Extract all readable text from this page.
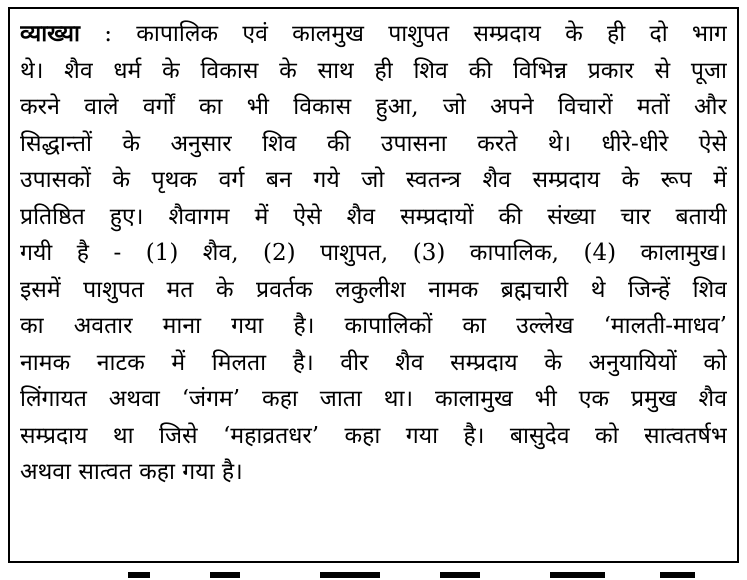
व्याख्या : कापालिक एवं कालमुख पाशुपत सम्प्रदाय के ही दो भाग
थे। शैव धर्म के विकास के साथ ही शिव की विभिन्न प्रकार से पूजा
करने वाले वर्गों का भी विकास हुआ, जो अपने विचारों मतों और
सिद्धान्तों के अनुसार शिव की उपासना करते थे। धीरे-धीरे ऐसे
उपासकों के पृथक वर्ग बन गये जो स्वतन्त्र शैव सम्प्रदाय के रूप में
प्रतिष्ठित हुए। शैवागम में ऐसे शैव सम्प्रदायों की संख्या चार बतायी
गयी है - (1) शैव, (2) पाशुपत, (3) कापालिक, (4) कालामुख।
इसमें पाशुपत मत के प्रवर्तक लकुलीश नामक ब्रह्मचारी थे जिन्हें शिव
का अवतार माना गया है। कापालिकों का उल्लेख ‘मालती-माधव’
नामक नाटक में मिलता है। वीर शैव सम्प्रदाय के अनुयायियों को
लिंगायत अथवा ‘जंगम’ कहा जाता था। कालामुख भी एक प्रमुख शैव
सम्प्रदाय था जिसे ‘महाव्रतधर’ कहा गया है। बासुदेव को सात्वतर्षभ
अथवा सात्वत कहा गया है।
